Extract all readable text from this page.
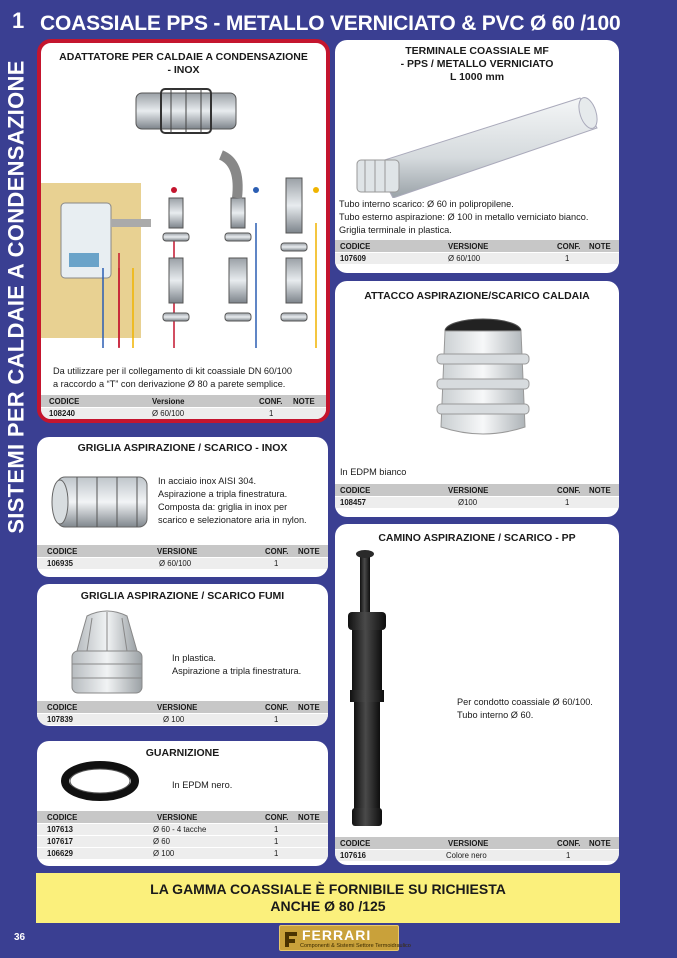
1 COASSIALE PPS - METALLO VERNICIATO & PVC Ø 60 /100
SISTEMI PER CALDAIE A CONDENSAZIONE
ADATTATORE PER CALDAIE A CONDENSAZIONE
- INOX
Da utilizzare per il collegamento di kit coassiale DN 60/100
a raccordo a “T” con derivazione Ø 80 a parete semplice.
CODICE	Versione	CONF. NOTE
108240	Ø 60/100	1
TERMINALE COASSIALE MF
- PPS / METALLO VERNICIATO
L 1000 mm
Tubo interno scarico: Ø 60 in polipropilene.
Tubo esterno aspirazione: Ø 100 in metallo verniciato bianco.
Griglia terminale in plastica.
CODICE	VERSIONE	CONF. NOTE
107609	Ø 60/100	1
GRIGLIA ASPIRAZIONE / SCARICO - INOX
In acciaio inox AISI 304.
Aspirazione a tripla finestratura.
Composta da: griglia in inox per
scarico e selezionatore aria in nylon.
CODICE	VERSIONE	CONF. NOTE
106935	Ø 60/100	1
ATTACCO ASPIRAZIONE/SCARICO CALDAIA
In EDPM bianco
CODICE	VERSIONE	CONF. NOTE
108457	Ø100	1
GRIGLIA ASPIRAZIONE / SCARICO FUMI
In plastica.
Aspirazione a tripla finestratura.
CODICE	VERSIONE	CONF. NOTE
107839	Ø 100	1
CAMINO ASPIRAZIONE / SCARICO - PP
Per condotto coassiale Ø 60/100.
Tubo interno Ø 60.
CODICE	VERSIONE	CONF. NOTE
107616	Colore nero	1
GUARNIZIONE
In EPDM nero.
CODICE	VERSIONE	CONF. NOTE
107613	Ø 60 - 4 tacche	1
107617	Ø 60	1
106629	Ø 100	1
LA GAMMA COASSIALE È FORNIBILE SU RICHIESTA
ANCHE Ø 80 /125
36	FERRARI
Componenti & Sistemi Settore Termoidraulico
